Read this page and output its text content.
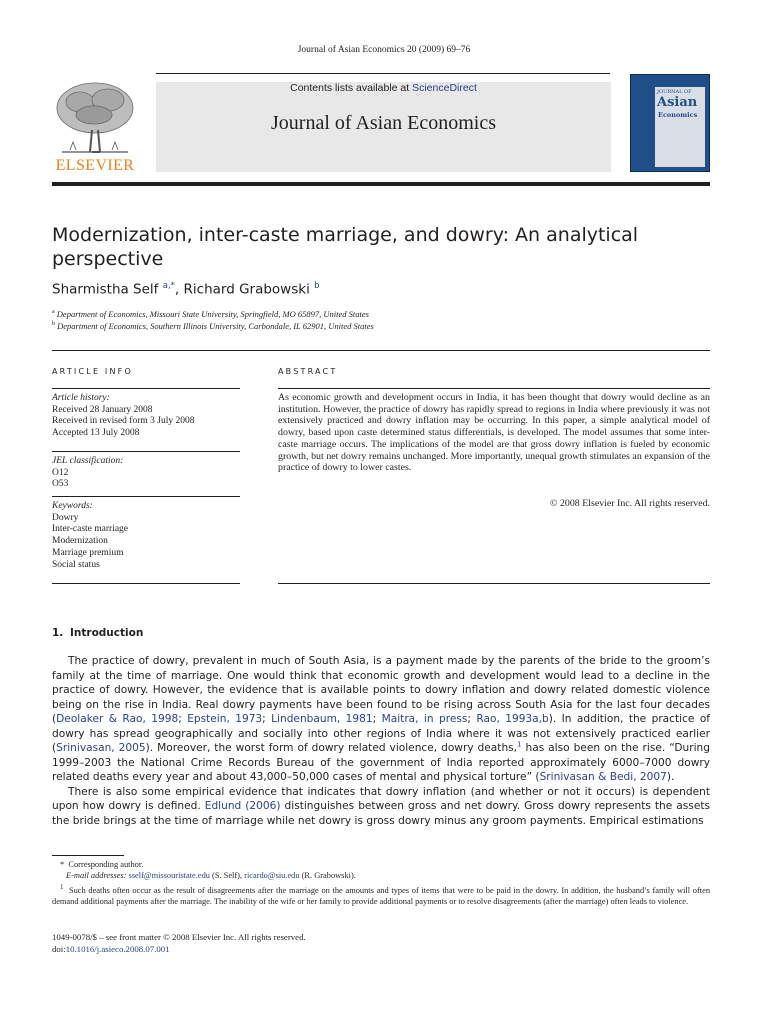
Journal of Asian Economics 20 (2009) 69–76
ELSEVIER
Contents lists available at ScienceDirect
Journal of Asian Economics
JOURNAL OF
Asian
Economics
Modernization, inter-caste marriage, and dowry: An analytical perspective
Sharmistha Self $^{a,*}$, Richard Grabowski $^b$
$^a$ Department of Economics, Missouri State University, Springfield, MO 65897, United States
$^b$ Department of Economics, Southern Illinois University, Carbondale, IL 62901, United States
ARTICLE INFO	ABSTRACT
Article history:
Received 28 January 2008
Received in revised form 3 July 2008
Accepted 13 July 2008
JEL classification:
O12
O53
Keywords:
Dowry
Inter-caste marriage
Modernization
Marriage premium
Social status
As economic growth and development occurs in India, it has been thought that dowry would decline as an institution. However, the practice of dowry has rapidly spread to regions in India where previously it was not extensively practiced and dowry inflation may be occurring. In this paper, a simple analytical model of dowry, based upon caste determined status differentials, is developed. The model assumes that some inter-caste marriage occurs. The implications of the model are that gross dowry inflation is fueled by economic growth, but net dowry remains unchanged. More importantly, unequal growth stimulates an expansion of the practice of dowry to lower castes.
© 2008 Elsevier Inc. All rights reserved.
1. Introduction

The practice of dowry, prevalent in much of South Asia, is a payment made by the parents of the bride to the groom’s family at the time of marriage. One would think that economic growth and development would lead to a decline in the practice of dowry. However, the evidence that is available points to dowry inflation and dowry related domestic violence being on the rise in India. Real dowry payments have been found to be rising across South Asia for the last four decades (Deolaker & Rao, 1998; Epstein, 1973; Lindenbaum, 1981; Maitra, in press; Rao, 1993a,b). In addition, the practice of dowry has spread geographically and socially into other regions of India where it was not extensively practiced earlier (Srinivasan, 2005). Moreover, the worst form of dowry related violence, dowry deaths,$^1$ has also been on the rise. “During 1999–2003 the National Crime Records Bureau of the government of India reported approximately 6000–7000 dowry related deaths every year and about 43,000–50,000 cases of mental and physical torture” (Srinivasan & Bedi, 2007).

There is also some empirical evidence that indicates that dowry inflation (and whether or not it occurs) is dependent upon how dowry is defined. Edlund (2006) distinguishes between gross and net dowry. Gross dowry represents the assets the bride brings at the time of marriage while net dowry is gross dowry minus any groom payments. Empirical estimations

* Corresponding author.
E-mail addresses: sself@missouristate.edu (S. Self), ricardo@siu.edu (R. Grabowski).
$^1$ Such deaths often occur as the result of disagreements after the marriage on the amounts and types of items that were to be paid in the dowry. In addition, the husband’s family will often demand additional payments after the marriage. The inability of the wife or her family to provide additional payments or to resolve disagreements (after the marriage) often leads to violence.
1049-0078/$ – see front matter © 2008 Elsevier Inc. All rights reserved.
doi:10.1016/j.asieco.2008.07.001
